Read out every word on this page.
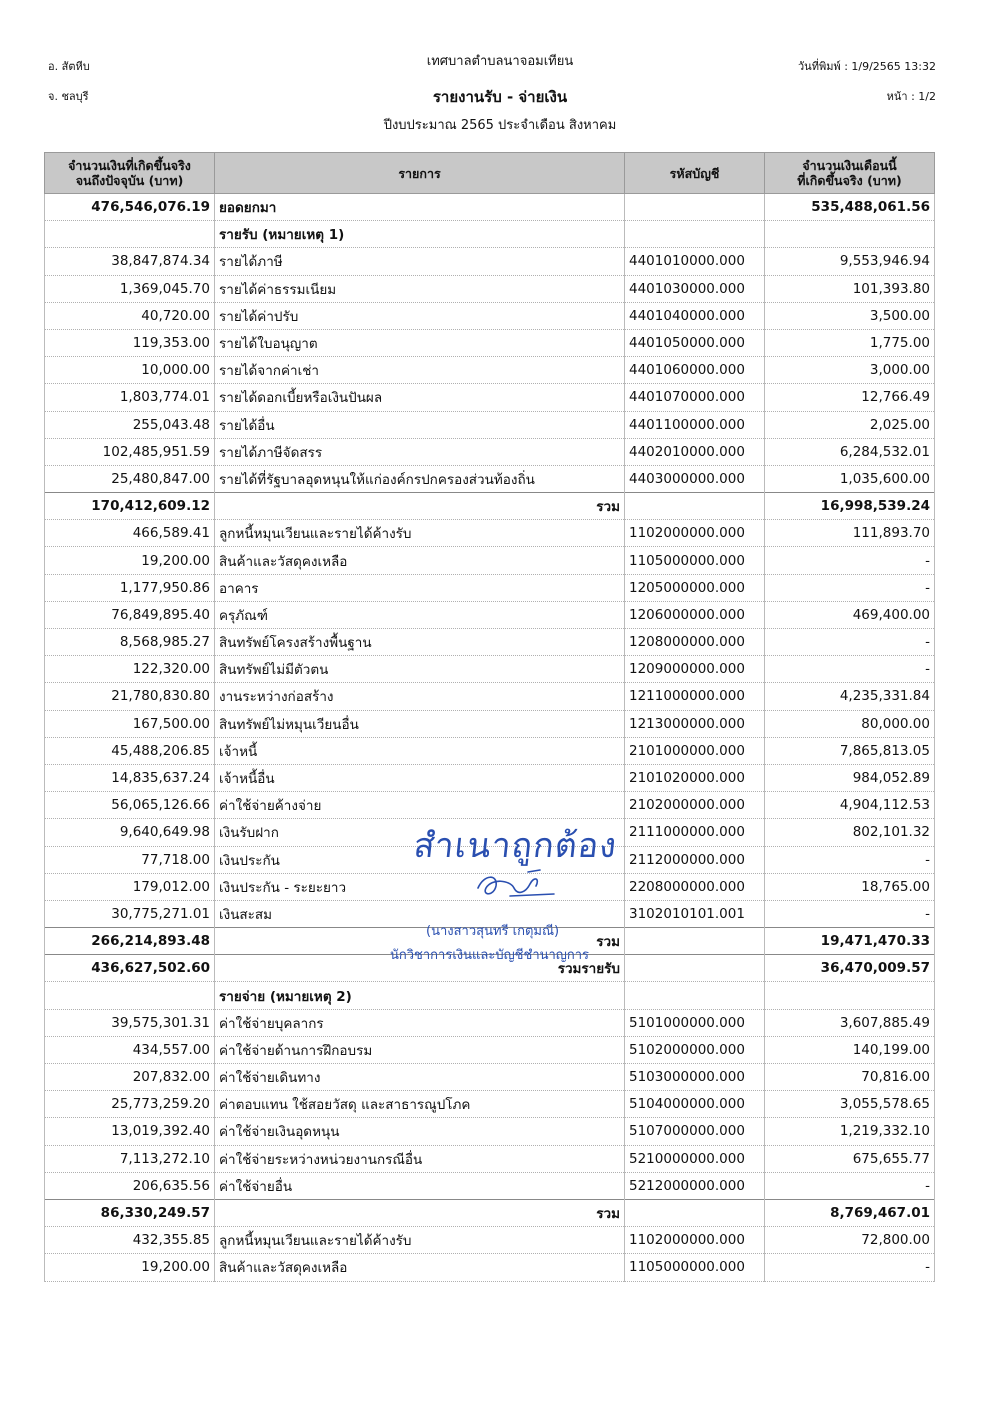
อ. สัตหีบ
จ. ชลบุรี
เทศบาลตำบลนาจอมเทียน
รายงานรับ - จ่ายเงิน
ปีงบประมาณ 2565 ประจำเดือน สิงหาคม
วันที่พิมพ์ : 1/9/2565 13:32
หน้า : 1/2
จำนวนเงินที่เกิดขึ้นจริง
จนถึงปัจจุบัน (บาท)	รายการ	รหัสบัญชี	จำนวนเงินเดือนนี้
ที่เกิดขึ้นจริง (บาท)
476,546,076.19	ยอดยกมา		535,488,061.56
	รายรับ (หมายเหตุ 1)		
38,847,874.34	รายได้ภาษี	4401010000.000	9,553,946.94
1,369,045.70	รายได้ค่าธรรมเนียม	4401030000.000	101,393.80
40,720.00	รายได้ค่าปรับ	4401040000.000	3,500.00
119,353.00	รายได้ใบอนุญาต	4401050000.000	1,775.00
10,000.00	รายได้จากค่าเช่า	4401060000.000	3,000.00
1,803,774.01	รายได้ดอกเบี้ยหรือเงินปันผล	4401070000.000	12,766.49
255,043.48	รายได้อื่น	4401100000.000	2,025.00
102,485,951.59	รายได้ภาษีจัดสรร	4402010000.000	6,284,532.01
25,480,847.00	รายได้ที่รัฐบาลอุดหนุนให้แก่องค์กรปกครองส่วนท้องถิ่น	4403000000.000	1,035,600.00
170,412,609.12	รวม		16,998,539.24
466,589.41	ลูกหนี้หมุนเวียนและรายได้ค้างรับ	1102000000.000	111,893.70
19,200.00	สินค้าและวัสดุคงเหลือ	1105000000.000	-
1,177,950.86	อาคาร	1205000000.000	-
76,849,895.40	ครุภัณฑ์	1206000000.000	469,400.00
8,568,985.27	สินทรัพย์โครงสร้างพื้นฐาน	1208000000.000	-
122,320.00	สินทรัพย์ไม่มีตัวตน	1209000000.000	-
21,780,830.80	งานระหว่างก่อสร้าง	1211000000.000	4,235,331.84
167,500.00	สินทรัพย์ไม่หมุนเวียนอื่น	1213000000.000	80,000.00
45,488,206.85	เจ้าหนี้	2101000000.000	7,865,813.05
14,835,637.24	เจ้าหนี้อื่น	2101020000.000	984,052.89
56,065,126.66	ค่าใช้จ่ายค้างจ่าย	2102000000.000	4,904,112.53
9,640,649.98	เงินรับฝาก	2111000000.000	802,101.32
77,718.00	เงินประกัน	2112000000.000	-
179,012.00	เงินประกัน - ระยะยาว	2208000000.000	18,765.00
30,775,271.01	เงินสะสม	3102010101.001	-
266,214,893.48	รวม		19,471,470.33
436,627,502.60	รวมรายรับ		36,470,009.57
	รายจ่าย (หมายเหตุ 2)		
39,575,301.31	ค่าใช้จ่ายบุคลากร	5101000000.000	3,607,885.49
434,557.00	ค่าใช้จ่ายด้านการฝึกอบรม	5102000000.000	140,199.00
207,832.00	ค่าใช้จ่ายเดินทาง	5103000000.000	70,816.00
25,773,259.20	ค่าตอบแทน ใช้สอยวัสดุ และสาธารณูปโภค	5104000000.000	3,055,578.65
13,019,392.40	ค่าใช้จ่ายเงินอุดหนุน	5107000000.000	1,219,332.10
7,113,272.10	ค่าใช้จ่ายระหว่างหน่วยงานกรณีอื่น	5210000000.000	675,655.77
206,635.56	ค่าใช้จ่ายอื่น	5212000000.000	-
86,330,249.57	รวม		8,769,467.01
432,355.85	ลูกหนี้หมุนเวียนและรายได้ค้างรับ	1102000000.000	72,800.00
19,200.00	สินค้าและวัสดุคงเหลือ	1105000000.000	-
สำเนาถูกต้อง
(นางสาวสุนทรี เกตุมณี)
นักวิชาการเงินและบัญชีชำนาญการ
